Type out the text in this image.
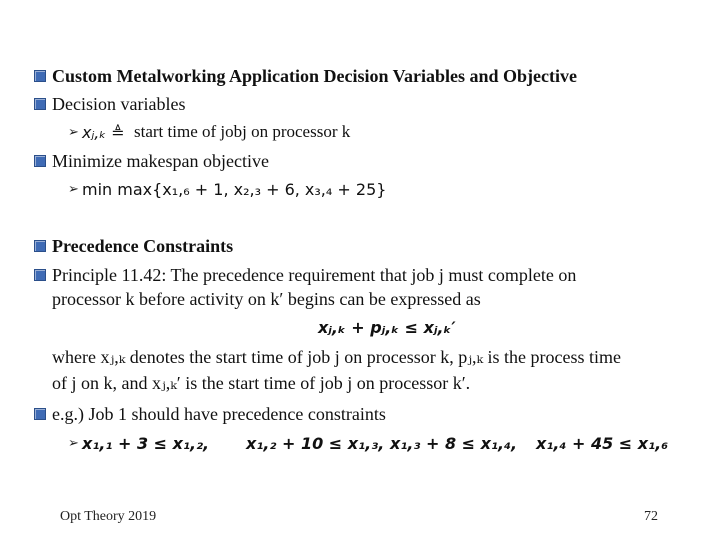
Custom Metalworking Application Decision Variables and Objective
Decision variables
➢ xⱼ,ₖ ≜ start time of jobj on processor k
Minimize makespan objective
➢ min max{x₁,₆ + 1, x₂,₃ + 6, x₃,₄ + 25}
Precedence Constraints
Principle 11.42: The precedence requirement that job j must complete on
processor k before activity on k′ begins can be expressed as
xⱼ,ₖ + pⱼ,ₖ ≤ xⱼ,ₖ′
where xⱼ,ₖ denotes the start time of job j on processor k, pⱼ,ₖ is the process time
of j on k, and xⱼ,ₖ′ is the start time of job j on processor k′.
e.g.) Job 1 should have precedence constraints
➢ x₁,₁ + 3 ≤ x₁,₂, x₁,₂ + 10 ≤ x₁,₃, x₁,₃ + 8 ≤ x₁,₄, x₁,₄ + 45 ≤ x₁,₆
Opt Theory 2019	72
